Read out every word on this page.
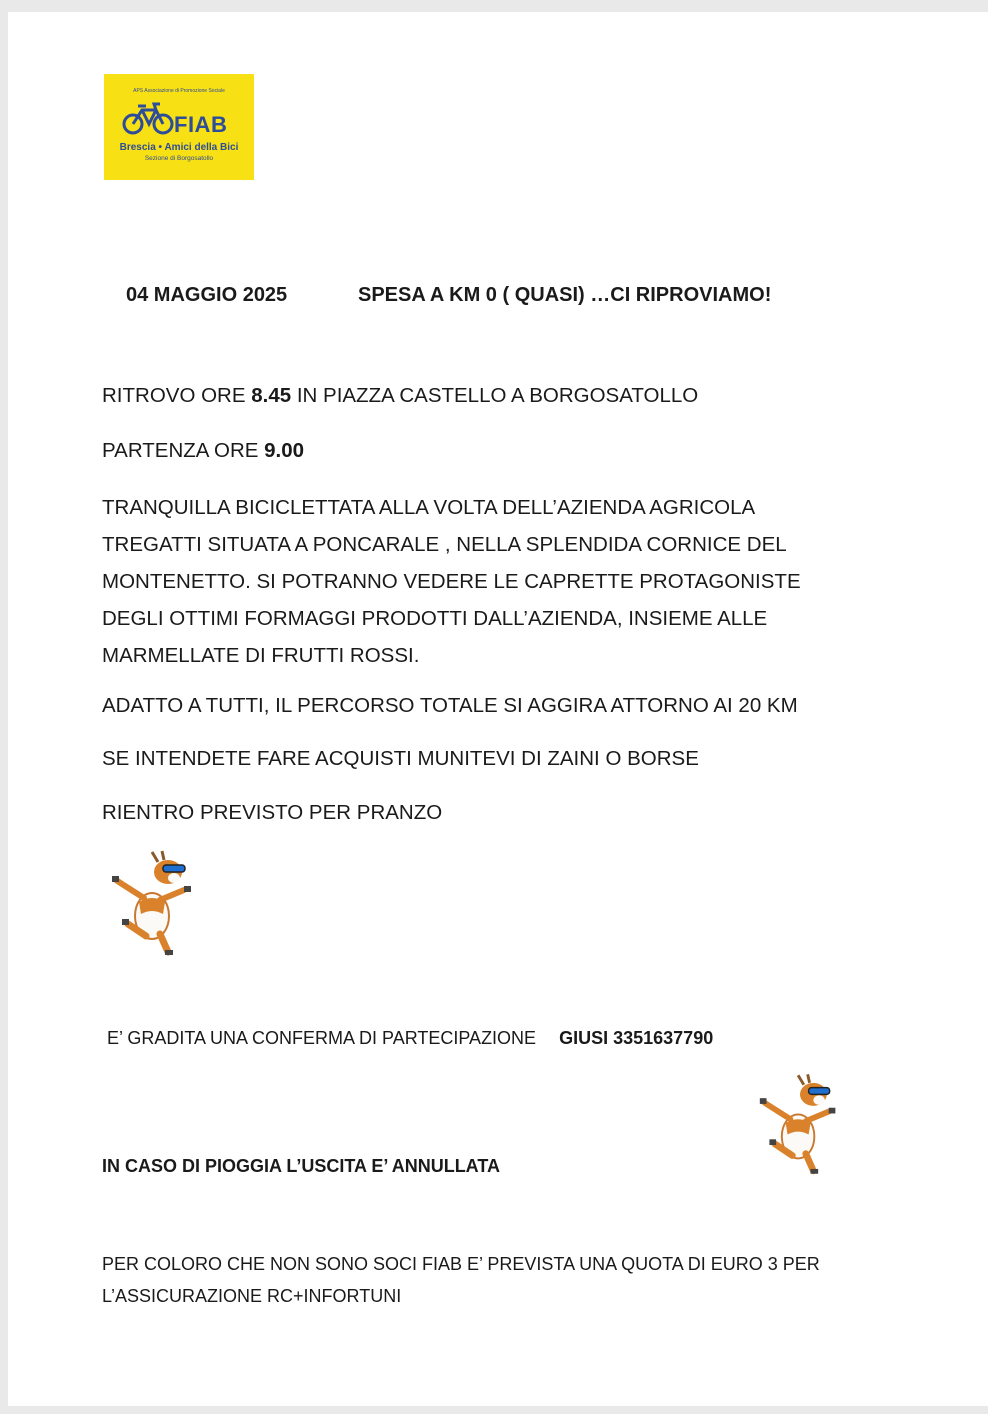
APS Associazione di Promozione Sociale
FIAB
Brescia • Amici della Bici
Sezione di Borgosatollo
04 MAGGIO 2025	SPESA A KM 0 ( QUASI) …CI RIPROVIAMO!
RITROVO ORE 8.45 IN PIAZZA CASTELLO A BORGOSATOLLO
PARTENZA ORE 9.00
TRANQUILLA BICICLETTATA ALLA VOLTA DELL’AZIENDA AGRICOLA
TREGATTI SITUATA A PONCARALE , NELLA SPLENDIDA CORNICE DEL
MONTENETTO. SI POTRANNO VEDERE LE CAPRETTE PROTAGONISTE
DEGLI OTTIMI FORMAGGI PRODOTTI DALL’AZIENDA, INSIEME ALLE
MARMELLATE DI FRUTTI ROSSI.
ADATTO A TUTTI, IL PERCORSO TOTALE SI AGGIRA ATTORNO AI 20 KM
SE INTENDETE FARE ACQUISTI MUNITEVI DI ZAINI O BORSE
RIENTRO PREVISTO PER PRANZO
E’ GRADITA UNA CONFERMA DI PARTECIPAZIONE GIUSI 3351637790
IN CASO DI PIOGGIA L’USCITA E’ ANNULLATA
PER COLORO CHE NON SONO SOCI FIAB E’ PREVISTA UNA QUOTA DI EURO 3 PER
L’ASSICURAZIONE RC+INFORTUNI
